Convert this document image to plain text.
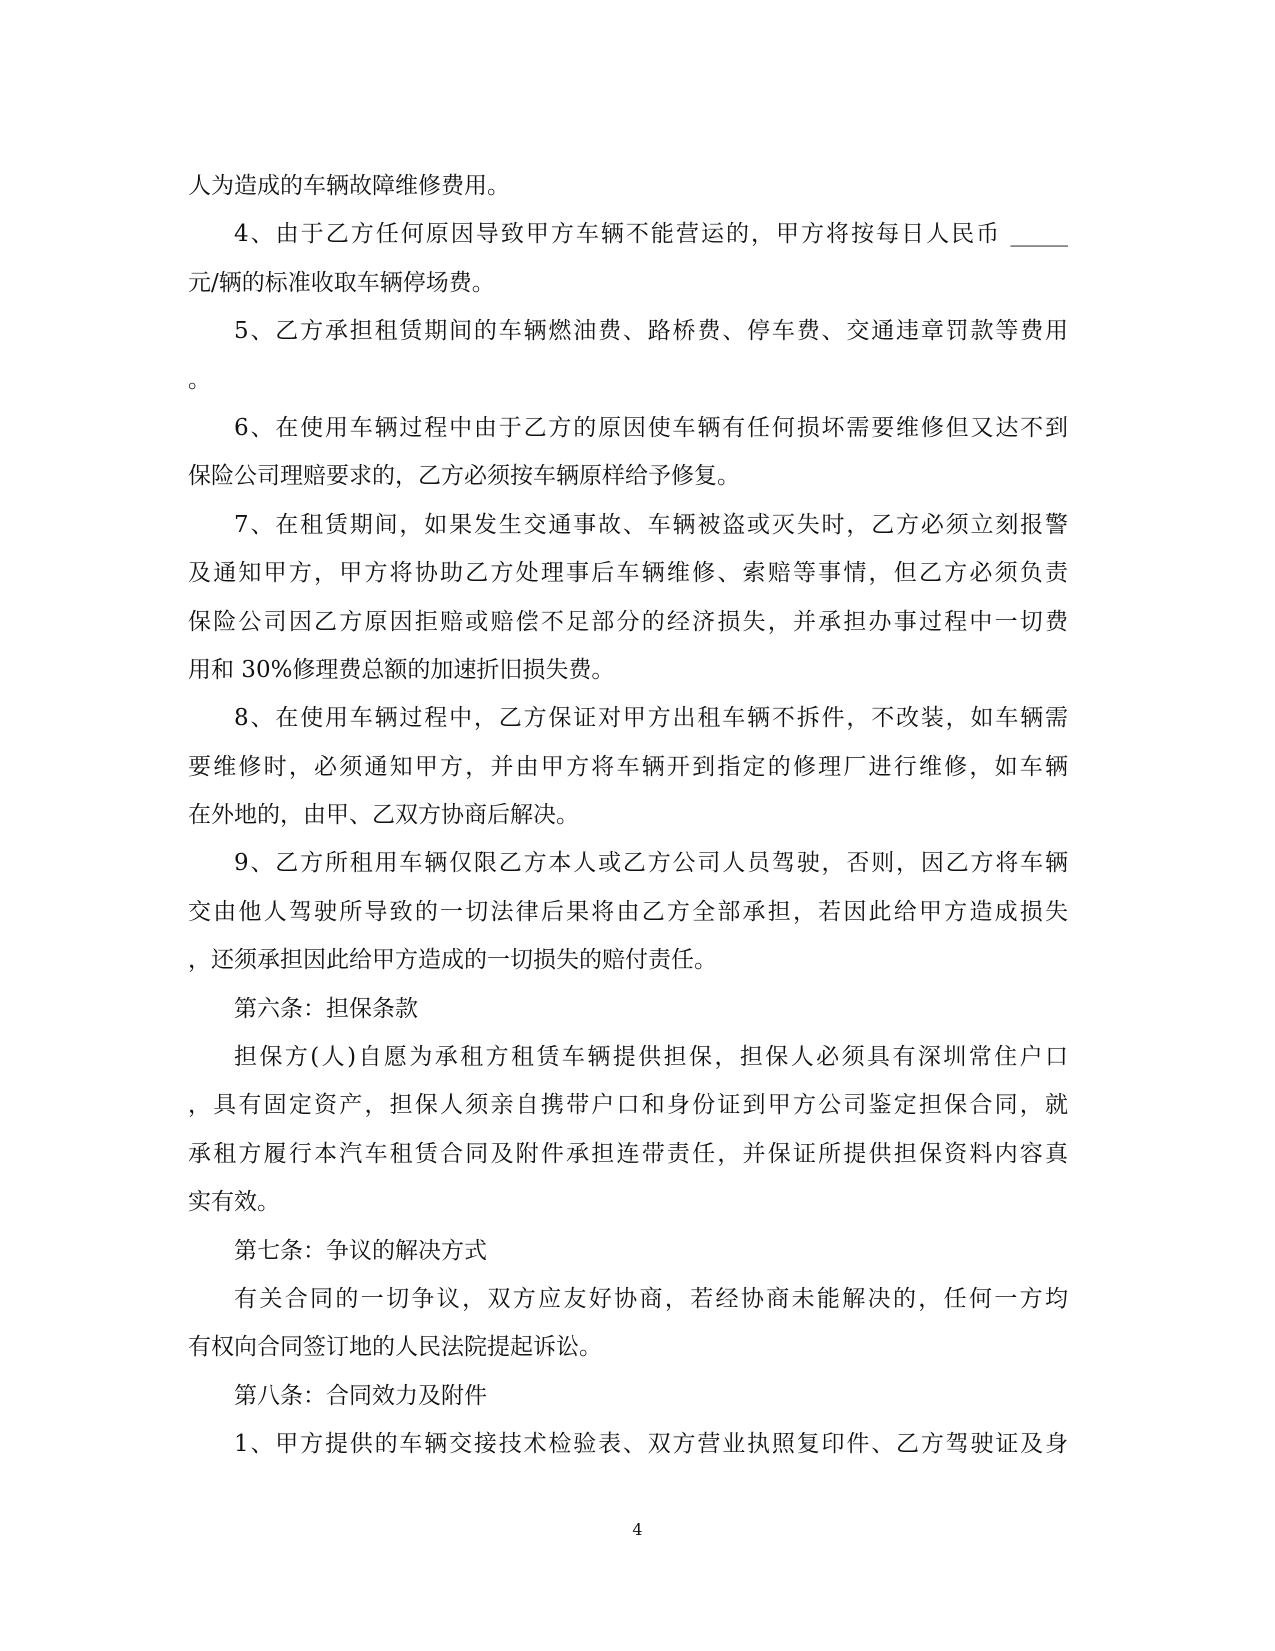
人为造成的车辆故障维修费用。
4、由于乙方任何原因导致甲方车辆不能营运的，甲方将按每日人民币 _____
元/辆的标准收取车辆停场费。
5、乙方承担租赁期间的车辆燃油费、路桥费、停车费、交通违章罚款等费用
。
6、在使用车辆过程中由于乙方的原因使车辆有任何损坏需要维修但又达不到
保险公司理赔要求的，乙方必须按车辆原样给予修复。
7、在租赁期间，如果发生交通事故、车辆被盗或灭失时，乙方必须立刻报警
及通知甲方，甲方将协助乙方处理事后车辆维修、索赔等事情，但乙方必须负责
保险公司因乙方原因拒赔或赔偿不足部分的经济损失，并承担办事过程中一切费
用和 30%修理费总额的加速折旧损失费。
8、在使用车辆过程中，乙方保证对甲方出租车辆不拆件，不改装，如车辆需
要维修时，必须通知甲方，并由甲方将车辆开到指定的修理厂进行维修，如车辆
在外地的，由甲、乙双方协商后解决。
9、乙方所租用车辆仅限乙方本人或乙方公司人员驾驶，否则，因乙方将车辆
交由他人驾驶所导致的一切法律后果将由乙方全部承担，若因此给甲方造成损失
，还须承担因此给甲方造成的一切损失的赔付责任。
第六条：担保条款
担保方(人)自愿为承租方租赁车辆提供担保，担保人必须具有深圳常住户口
，具有固定资产，担保人须亲自携带户口和身份证到甲方公司鉴定担保合同，就
承租方履行本汽车租赁合同及附件承担连带责任，并保证所提供担保资料内容真
实有效。
第七条：争议的解决方式
有关合同的一切争议，双方应友好协商，若经协商未能解决的，任何一方均
有权向合同签订地的人民法院提起诉讼。
第八条：合同效力及附件
1、甲方提供的车辆交接技术检验表、双方营业执照复印件、乙方驾驶证及身
4
